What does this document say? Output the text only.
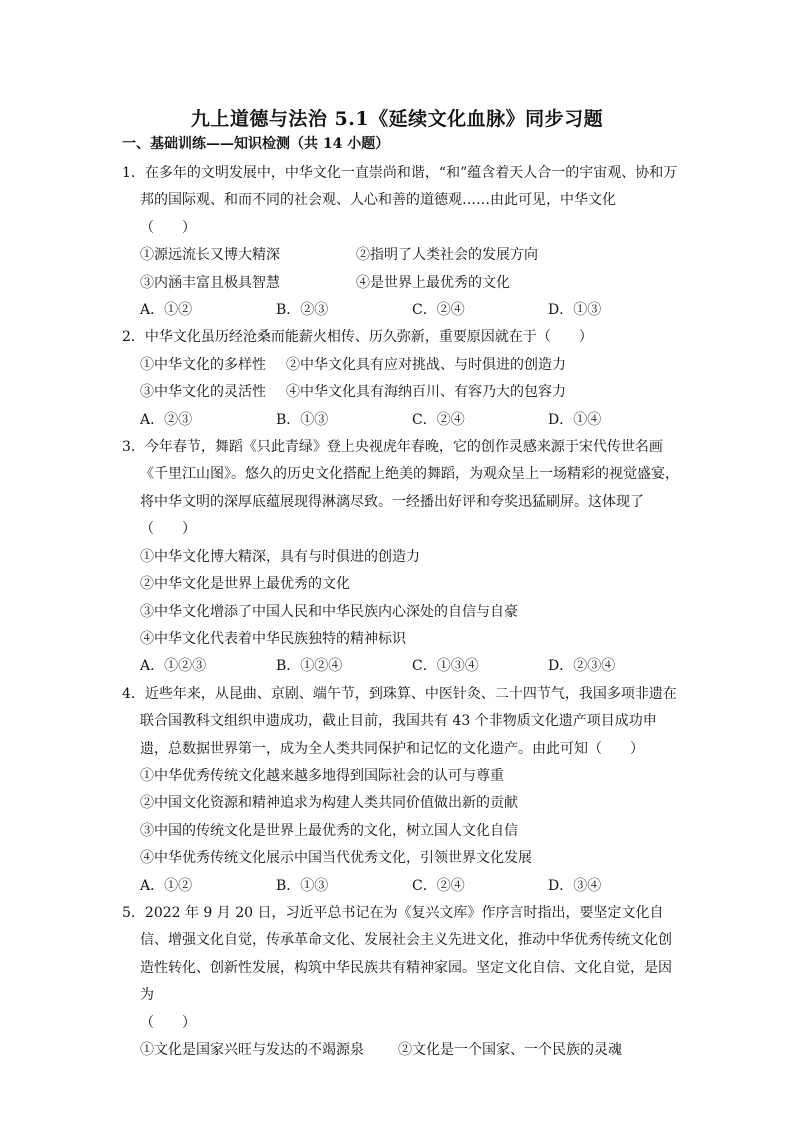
九上道德与法治 5.1《延续文化血脉》同步习题
一、基础训练——知识检测（共 14 小题）

1．在多年的文明发展中，中华文化一直崇尚和谐，“和”蕴含着天人合一的宇宙观、协和万邦的国际观、和而不同的社会观、人心和善的道德观……由此可见，中华文化

（　　）

①源远流长又博大精深	②指明了人类社会的发展方向

③内涵丰富且极具智慧	④是世界上最优秀的文化

A．①②	B．②③	C．②④	D．①③

2．中华文化虽历经沧桑而能薪火相传、历久弥新，重要原因就在于（　　）

①中华文化的多样性 ②中华文化具有应对挑战、与时俱进的创造力

③中华文化的灵活性 ④中华文化具有海纳百川、有容乃大的包容力

A．②③	B．①③	C．②④	D．①④

3．今年春节，舞蹈《只此青绿》登上央视虎年春晚，它的创作灵感来源于宋代传世名画《千里江山图》。悠久的历史文化搭配上绝美的舞蹈，为观众呈上一场精彩的视觉盛宴，将中华文明的深厚底蕴展现得淋漓尽致。一经播出好评和夸奖迅猛刷屏。这体现了

（　　）

①中华文化博大精深，具有与时俱进的创造力

②中华文化是世界上最优秀的文化

③中华文化增添了中国人民和中华民族内心深处的自信与自豪

④中华文化代表着中华民族独特的精神标识

A．①②③	B．①②④	C．①③④	D．②③④

4．近些年来，从昆曲、京剧、端午节，到珠算、中医针灸、二十四节气，我国多项非遗在联合国教科文组织申遗成功，截止目前，我国共有 43 个非物质文化遗产项目成功申遗，总数据世界第一，成为全人类共同保护和记忆的文化遗产。由此可知（　　）

①中华优秀传统文化越来越多地得到国际社会的认可与尊重

②中国文化资源和精神追求为构建人类共同价值做出新的贡献

③中国的传统文化是世界上最优秀的文化，树立国人文化自信

④中华优秀传统文化展示中国当代优秀文化，引领世界文化发展

A．①②	B．①③	C．②④	D．③④

5．2022 年 9 月 20 日，习近平总书记在为《复兴文库》作序言时指出，要坚定文化自信、增强文化自觉，传承革命文化、发展社会主义先进文化，推动中华优秀传统文化创造性转化、创新性发展，构筑中华民族共有精神家园。坚定文化自信、文化自觉，是因为

（　　）

①文化是国家兴旺与发达的不竭源泉 ②文化是一个国家、一个民族的灵魂
